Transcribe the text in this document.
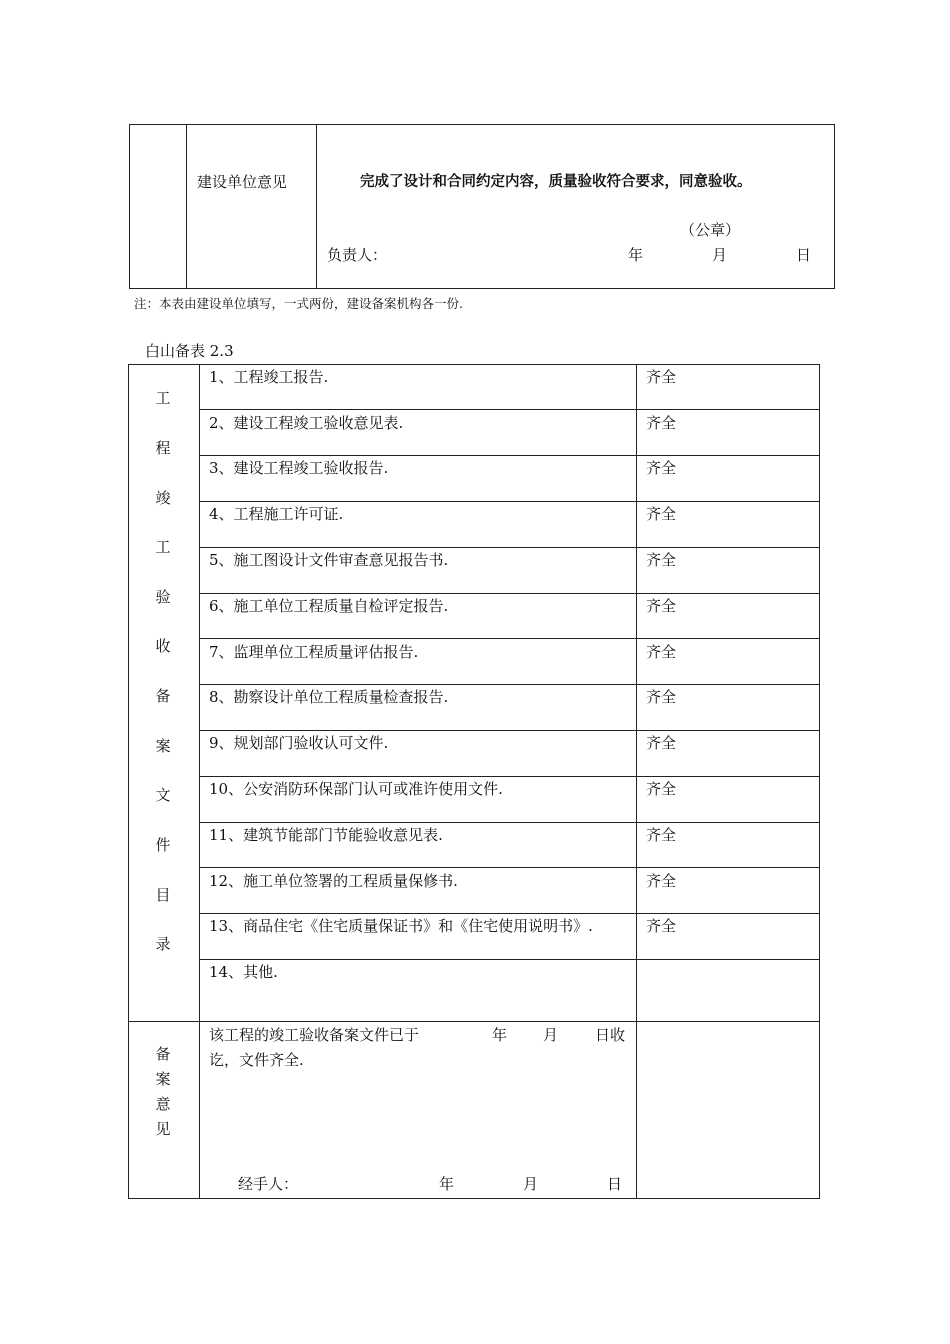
建设单位意见	完成了设计和合同约定内容，质量验收符合要求，同意验收。
（公章）
负责人：	年	月	日
注：本表由建设单位填写，一式两份，建设备案机构各一份.
白山备表 2.3
工
程
竣
工
验
收
备
案
文
件
目
录
1、工程竣工报告.	齐全
2、建设工程竣工验收意见表.	齐全
3、建设工程竣工验收报告.	齐全
4、工程施工许可证.	齐全
5、施工图设计文件审查意见报告书.	齐全
6、施工单位工程质量自检评定报告.	齐全
7、监理单位工程质量评估报告.	齐全
8、勘察设计单位工程质量检查报告.	齐全
9、规划部门验收认可文件.	齐全
10、公安消防环保部门认可或准许使用文件.	齐全
11、建筑节能部门节能验收意见表.	齐全
12、施工单位签署的工程质量保修书.	齐全
13、商品住宅《住宅质量保证书》和《住宅使用说明书》.	齐全
14、其他.
备
案
意
见
该工程的竣工验收备案文件已于	年 月 日收
讫，文件齐全.
经手人：	年	月	日
